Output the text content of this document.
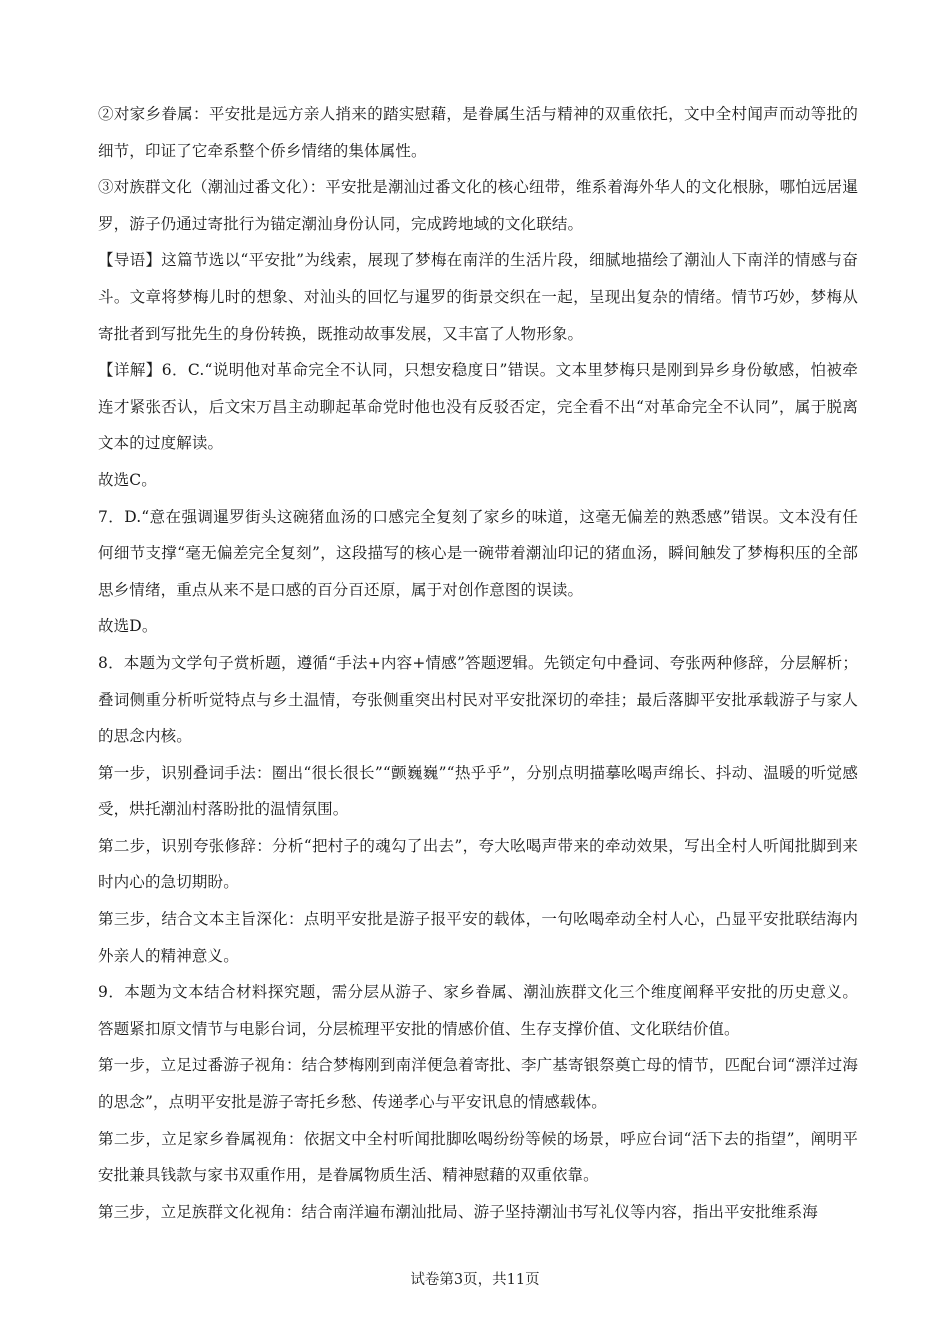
②对家乡眷属：平安批是远方亲人捎来的踏实慰藉，是眷属生活与精神的双重依托，文中全村闻声而动等批的细节，印证了它牵系整个侨乡情绪的集体属性。

③对族群文化（潮汕过番文化）：平安批是潮汕过番文化的核心纽带，维系着海外华人的文化根脉，哪怕远居暹罗，游子仍通过寄批行为锚定潮汕身份认同，完成跨地域的文化联结。

【导语】这篇节选以“平安批”为线索，展现了梦梅在南洋的生活片段，细腻地描绘了潮汕人下南洋的情感与奋斗。文章将梦梅儿时的想象、对汕头的回忆与暹罗的街景交织在一起，呈现出复杂的情绪。情节巧妙，梦梅从寄批者到写批先生的身份转换，既推动故事发展，又丰富了人物形象。

【详解】6．C.“说明他对革命完全不认同，只想安稳度日”错误。文本里梦梅只是刚到异乡身份敏感，怕被牵连才紧张否认，后文宋万昌主动聊起革命党时他也没有反驳否定，完全看不出“对革命完全不认同”，属于脱离文本的过度解读。

故选C。

7．D.“意在强调暹罗街头这碗猪血汤的口感完全复刻了家乡的味道，这毫无偏差的熟悉感”错误。文本没有任何细节支撑“毫无偏差完全复刻”，这段描写的核心是一碗带着潮汕印记的猪血汤，瞬间触发了梦梅积压的全部思乡情绪，重点从来不是口感的百分百还原，属于对创作意图的误读。

故选D。

8．本题为文学句子赏析题，遵循“手法+内容+情感”答题逻辑。先锁定句中叠词、夸张两种修辞，分层解析；叠词侧重分析听觉特点与乡土温情，夸张侧重突出村民对平安批深切的牵挂；最后落脚平安批承载游子与家人的思念内核。

第一步，识别叠词手法：圈出“很长很长”“颤巍巍”“热乎乎”，分别点明描摹吆喝声绵长、抖动、温暖的听觉感受，烘托潮汕村落盼批的温情氛围。

第二步，识别夸张修辞：分析“把村子的魂勾了出去”，夸大吆喝声带来的牵动效果，写出全村人听闻批脚到来时内心的急切期盼。

第三步，结合文本主旨深化：点明平安批是游子报平安的载体，一句吆喝牵动全村人心，凸显平安批联结海内外亲人的精神意义。

9．本题为文本结合材料探究题，需分层从游子、家乡眷属、潮汕族群文化三个维度阐释平安批的历史意义。答题紧扣原文情节与电影台词，分层梳理平安批的情感价值、生存支撑价值、文化联结价值。

第一步，立足过番游子视角：结合梦梅刚到南洋便急着寄批、李广基寄银祭奠亡母的情节，匹配台词“漂洋过海的思念”，点明平安批是游子寄托乡愁、传递孝心与平安讯息的情感载体。

第二步，立足家乡眷属视角：依据文中全村听闻批脚吆喝纷纷等候的场景，呼应台词“活下去的指望”，阐明平安批兼具钱款与家书双重作用，是眷属物质生活、精神慰藉的双重依靠。

第三步，立足族群文化视角：结合南洋遍布潮汕批局、游子坚持潮汕书写礼仪等内容，指出平安批维系海

试卷第3页，共11页
